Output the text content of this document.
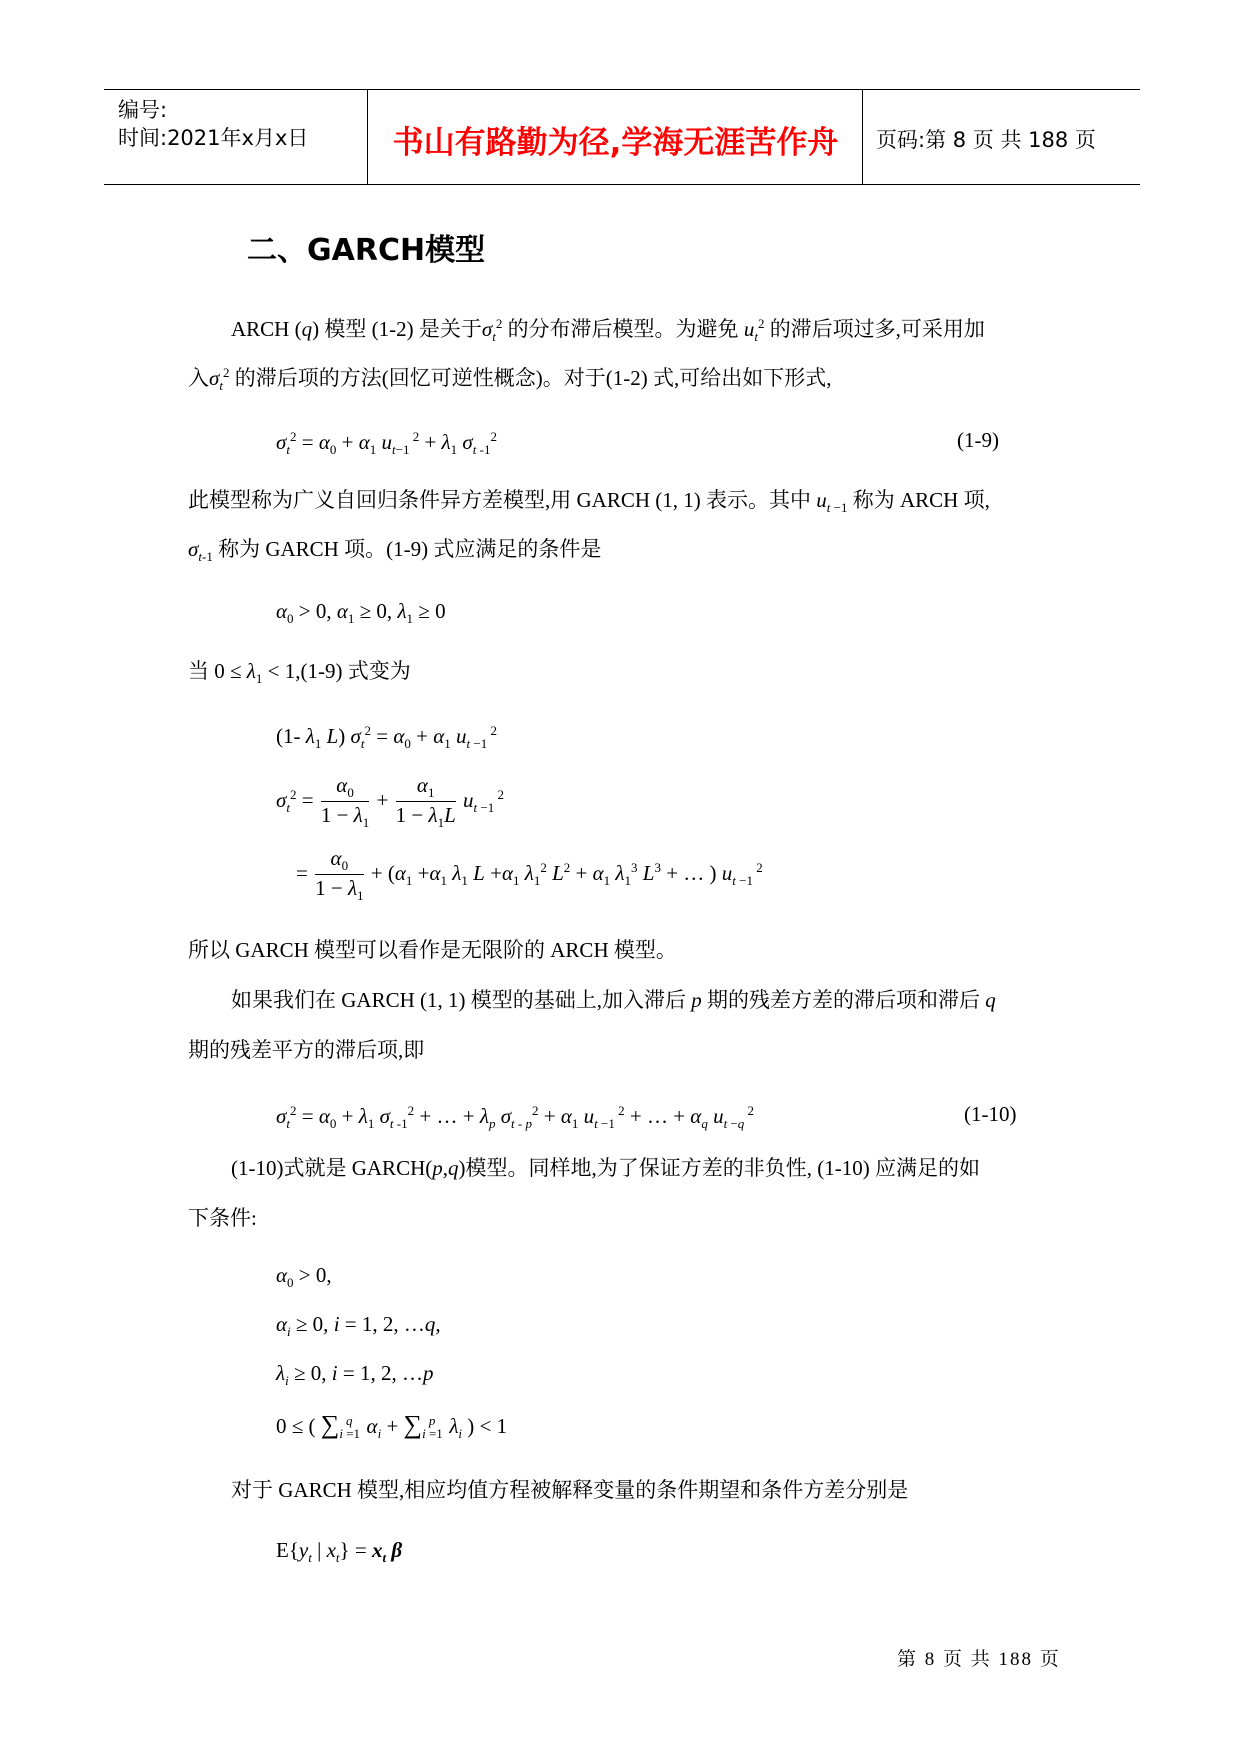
编号:
时间:2021年x月x日	书山有路勤为径,学海无涯苦作舟	页码:第 8 页 共 188 页
二、GARCH模型
ARCH (q) 模型 (1-2) 是关于$\sigma_t^2$ 的分布滞后模型。为避免 $u_t^2$ 的滞后项过多,可采用加
入$\sigma_t^2$ 的滞后项的方法(回忆可逆性概念)。对于(1-2) 式,可给出如下形式,
$\sigma_t^2 = \alpha_0 + \alpha_1$ $u_{t-1}$ $^2 + \lambda_1$ $\sigma_t$ $_{-1}^2$	(1-9)
此模型称为广义自回归条件异方差模型,用 GARCH (1, 1) 表示。其中 $u_t$ $_{-1}$ 称为 ARCH 项,
$\sigma_{t-1}$ 称为 GARCH 项。(1-9) 式应满足的条件是
$\alpha_0 > 0$, $\alpha_1 \ge 0$, $\lambda_1 \ge 0$
当 $0 \le \lambda_1 < 1,(1-9)$ 式变为
(1- $\lambda_1$ L) $\sigma_t^2 = \alpha_0 + \alpha_1$ $u_t$ $_{-1}$ $^2$
$\sigma_t^2 = \frac{\alpha_0}{1 - \lambda_1} + \frac{\alpha_1}{1 - \lambda_1L} u_t$ $_{-1}$ $^2$
= $\frac{\alpha_0}{1 - \lambda_1} + (\alpha_1 +\alpha_1$ $\lambda_1$ $L +\alpha_1$ $\lambda_1^2$ $L^2 + \alpha_1$ $\lambda_1^3$ $L^3$ + … ) $u_t$ $_{-1}$ $^2$
所以 GARCH 模型可以看作是无限阶的 ARCH 模型。
如果我们在 GARCH (1, 1) 模型的基础上,加入滞后 p 期的残差方差的滞后项和滞后 q
期的残差平方的滞后项,即
$\sigma_t^2 = \alpha_0 + \lambda_1$ $\sigma_t$ $_{-1}^2$ + … + $\lambda_p$ $\sigma_t$ $_{- p}^2 + \alpha_1$ $u_t$ $_{-1}$ $^2$ + … + $\alpha_q$ $u_t$ $_{-q}$ $^2$	(1-10)
(1-10)式就是 GARCH(p,q)模型。同样地,为了保证方差的非负性, (1-10) 应满足的如
下条件:
$\alpha_0 > 0$,
$\alpha_i \ge 0$, i = 1, 2, …q,
$\lambda_i \ge 0$, i = 1, 2, …p
0 ≤ ( $\sum_{i =1}^q$ $\alpha_i + \sum_{i =1}^p$ $\lambda_i$ ) < 1
对于 GARCH 模型,相应均值方程被解释变量的条件期望和条件方差分别是
$E\{y_t$ | $x_t\} = x_t$ β
第 8 页 共 188 页
